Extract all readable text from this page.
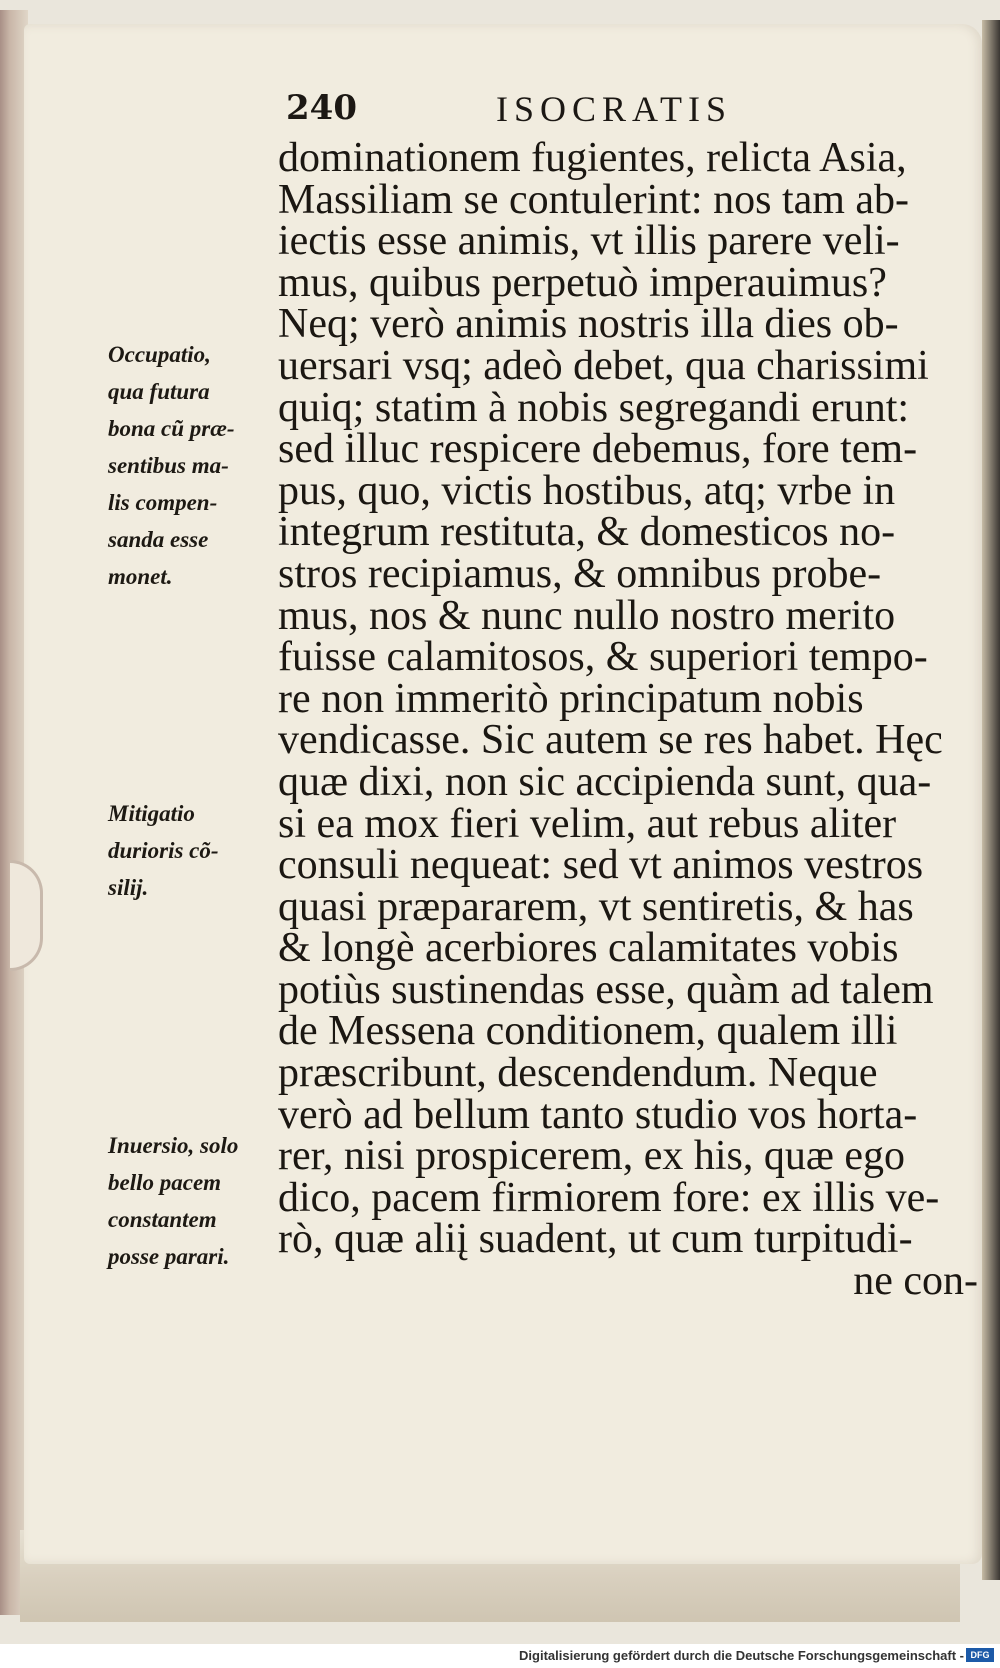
240	ISOCRATIS
dominationem fugientes, relicta Asia,
Massiliam se contulerint: nos tam ab-
iectis esse animis, vt illis parere veli-
mus, quibus perpetuò imperauimus?
Neq; verò animis nostris illa dies ob-
uersari vsq; adeò debet, qua charissimi
quiq; statim à nobis segregandi erunt:
sed illuc respicere debemus, fore tem-
pus, quo, victis hostibus, atq; vrbe in
integrum restituta, & domesticos no-
stros recipiamus, & omnibus probe-
mus, nos & nunc nullo nostro merito
fuisse calamitosos, & superiori tempo-
re non immeritò principatum nobis
vendicasse. Sic autem se res habet. Hęc
quæ dixi, non sic accipienda sunt, qua-
si ea mox fieri velim, aut rebus aliter
consuli nequeat: sed vt animos vestros
quasi præpararem, vt sentiretis, & has
& longè acerbiores calamitates vobis
potiùs sustinendas esse, quàm ad talem
de Messena conditionem, qualem illi
præscribunt, descendendum. Neque
verò ad bellum tanto studio vos horta-
rer, nisi prospicerem, ex his, quæ ego
dico, pacem firmiorem fore: ex illis ve-
rò, quæ aliį suadent, ut cum turpitudi-
ne con-
Occupatio,
qua futura
bona cũ præ-
sentibus ma-
lis compen-
sanda esse
monet.
Mitigatio
durioris cõ-
silij.
Inuersio, solo
bello pacem
constantem
posse parari.
Digitalisierung gefördert durch die Deutsche Forschungsgemeinschaft - DFG
